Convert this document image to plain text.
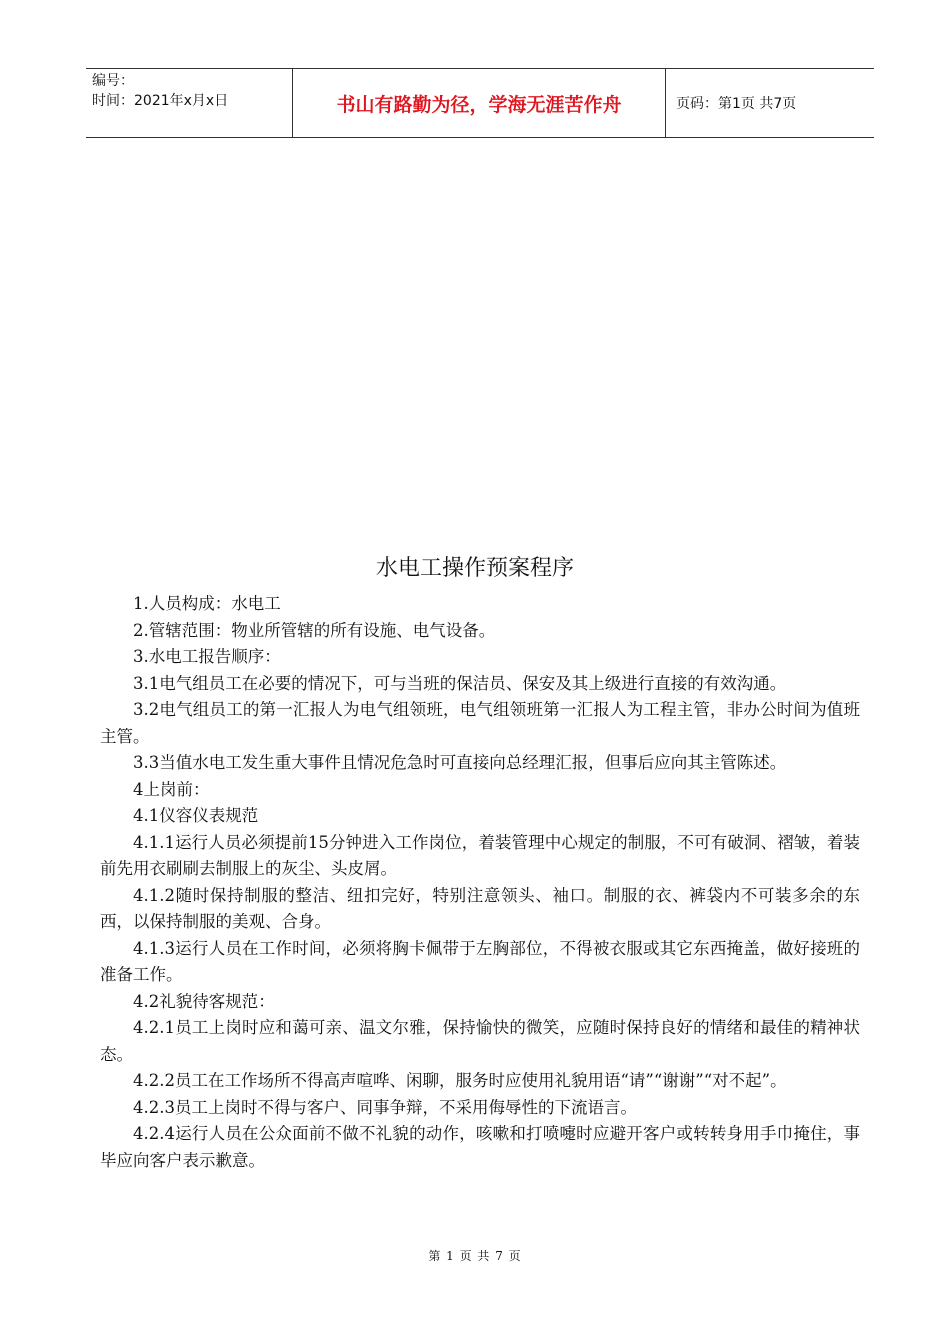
编号：
时间：2021年x月x日	书山有路勤为径，学海无涯苦作舟	页码：第1页 共7页
水电工操作预案程序

1.人员构成：水电工

2.管辖范围：物业所管辖的所有设施、电气设备。

3.水电工报告顺序：

3.1电气组员工在必要的情况下，可与当班的保洁员、保安及其上级进行直接的有效沟通。

3.2电气组员工的第一汇报人为电气组领班，电气组领班第一汇报人为工程主管，非办公时间为值班主管。

3.3当值水电工发生重大事件且情况危急时可直接向总经理汇报，但事后应向其主管陈述。

4上岗前：

4.1仪容仪表规范

4.1.1运行人员必须提前15分钟进入工作岗位，着装管理中心规定的制服，不可有破洞、褶皱，着装前先用衣刷刷去制服上的灰尘、头皮屑。

4.1.2随时保持制服的整洁、纽扣完好，特别注意领头、袖口。制服的衣、裤袋内不可装多余的东西，以保持制服的美观、合身。

4.1.3运行人员在工作时间，必须将胸卡佩带于左胸部位，不得被衣服或其它东西掩盖，做好接班的准备工作。

4.2礼貌待客规范：

4.2.1员工上岗时应和蔼可亲、温文尔雅，保持愉快的微笑，应随时保持良好的情绪和最佳的精神状态。

4.2.2员工在工作场所不得高声喧哗、闲聊，服务时应使用礼貌用语“请”“谢谢”“对不起”。

4.2.3员工上岗时不得与客户、同事争辩，不采用侮辱性的下流语言。

4.2.4运行人员在公众面前不做不礼貌的动作，咳嗽和打喷嚏时应避开客户或转转身用手巾掩住，事毕应向客户表示歉意。

第 1 页 共 7 页
